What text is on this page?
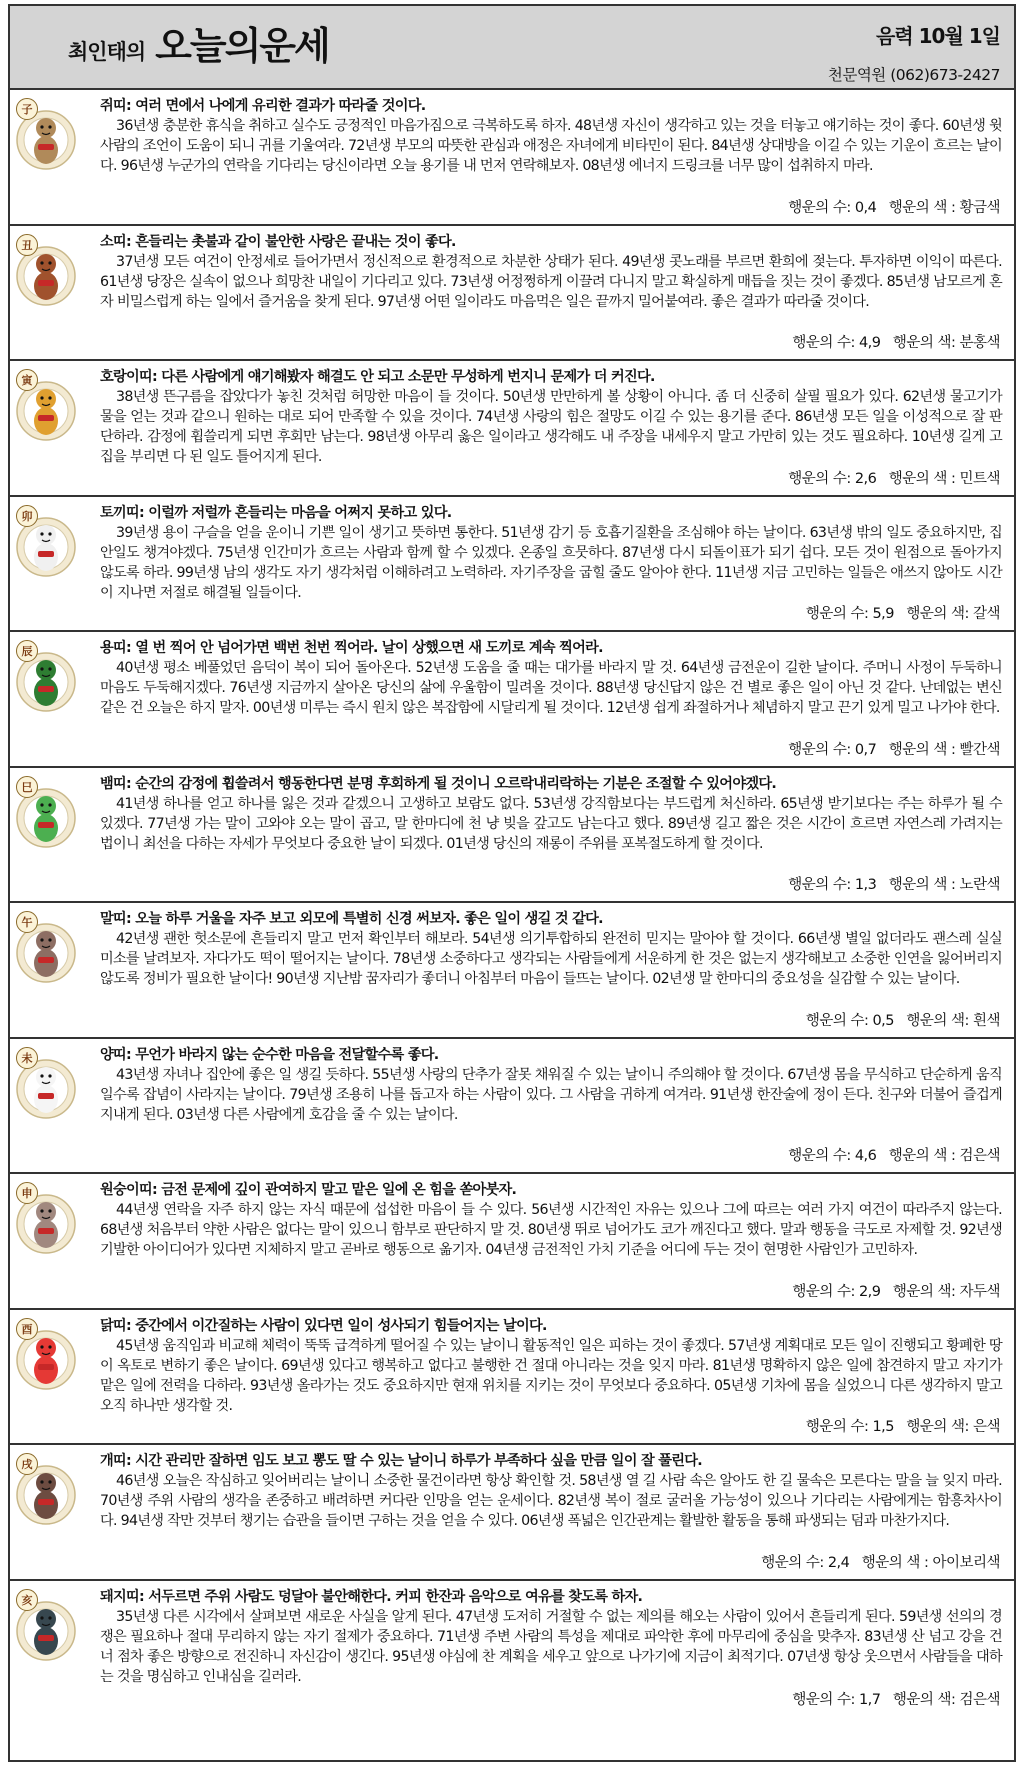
최인태의 오늘의운세	음력 10월 1일
천문역원 (062)673-2427
子	쥐띠: 여러 면에서 나에게 유리한 결과가 따라줄 것이다.
36년생 충분한 휴식을 취하고 실수도 긍정적인 마음가짐으로 극복하도록 하자. 48년생 자신이 생각하고 있는 것을 터놓고 얘기하는 것이 좋다. 60년생 윗사람의 조언이 도움이 되니 귀를 기울여라. 72년생 부모의 따뜻한 관심과 애정은 자녀에게 비타민이 된다. 84년생 상대방을 이길 수 있는 기운이 흐르는 날이다. 96년생 누군가의 연락을 기다리는 당신이라면 오늘 용기를 내 먼저 연락해보자. 08년생 에너지 드링크를 너무 많이 섭취하지 마라.
행운의 수: 0,4 행운의 색 : 황금색
丑	소띠: 흔들리는 촛불과 같이 불안한 사랑은 끝내는 것이 좋다.
37년생 모든 여건이 안정세로 들어가면서 정신적으로 환경적으로 차분한 상태가 된다. 49년생 콧노래를 부르면 환희에 젖는다. 투자하면 이익이 따른다. 61년생 당장은 실속이 없으나 희망찬 내일이 기다리고 있다. 73년생 어정쩡하게 이끌려 다니지 말고 확실하게 매듭을 짓는 것이 좋겠다. 85년생 남모르게 혼자 비밀스럽게 하는 일에서 즐거움을 찾게 된다. 97년생 어떤 일이라도 마음먹은 일은 끝까지 밀어붙여라. 좋은 결과가 따라줄 것이다.
행운의 수: 4,9 행운의 색: 분홍색
寅	호랑이띠: 다른 사람에게 얘기해봤자 해결도 안 되고 소문만 무성하게 번지니 문제가 더 커진다.
38년생 뜬구름을 잡았다가 놓친 것처럼 허망한 마음이 들 것이다. 50년생 만만하게 볼 상황이 아니다. 좀 더 신중히 살필 필요가 있다. 62년생 물고기가 물을 얻는 것과 같으니 원하는 대로 되어 만족할 수 있을 것이다. 74년생 사랑의 힘은 절망도 이길 수 있는 용기를 준다. 86년생 모든 일을 이성적으로 잘 판단하라. 감정에 휩쓸리게 되면 후회만 남는다. 98년생 아무리 옳은 일이라고 생각해도 내 주장을 내세우지 말고 가만히 있는 것도 필요하다. 10년생 길게 고집을 부리면 다 된 일도 틀어지게 된다.
행운의 수: 2,6 행운의 색 : 민트색
卯	토끼띠: 이럴까 저럴까 흔들리는 마음을 어쩌지 못하고 있다.
39년생 용이 구슬을 얻을 운이니 기쁜 일이 생기고 뜻하면 통한다. 51년생 감기 등 호흡기질환을 조심해야 하는 날이다. 63년생 밖의 일도 중요하지만, 집안일도 챙겨야겠다. 75년생 인간미가 흐르는 사람과 함께 할 수 있겠다. 온종일 흐뭇하다. 87년생 다시 되돌이표가 되기 쉽다. 모든 것이 원점으로 돌아가지 않도록 하라. 99년생 남의 생각도 자기 생각처럼 이해하려고 노력하라. 자기주장을 굽힐 줄도 알아야 한다. 11년생 지금 고민하는 일들은 애쓰지 않아도 시간이 지나면 저절로 해결될 일들이다.
행운의 수: 5,9 행운의 색: 갈색
辰	용띠: 열 번 찍어 안 넘어가면 백번 천번 찍어라. 날이 상했으면 새 도끼로 계속 찍어라.
40년생 평소 베풀었던 음덕이 복이 되어 돌아온다. 52년생 도움을 줄 때는 대가를 바라지 말 것. 64년생 금전운이 길한 날이다. 주머니 사정이 두둑하니 마음도 두둑해지겠다. 76년생 지금까지 살아온 당신의 삶에 우울함이 밀려올 것이다. 88년생 당신답지 않은 건 별로 좋은 일이 아닌 것 같다. 난데없는 변신 같은 건 오늘은 하지 말자. 00년생 미루는 즉시 원치 않은 복잡함에 시달리게 될 것이다. 12년생 쉽게 좌절하거나 체념하지 말고 끈기 있게 밀고 나가야 한다.
행운의 수: 0,7 행운의 색 : 빨간색
巳	뱀띠: 순간의 감정에 휩쓸려서 행동한다면 분명 후회하게 될 것이니 오르락내리락하는 기분은 조절할 수 있어야겠다.
41년생 하나를 얻고 하나를 잃은 것과 같겠으니 고생하고 보람도 없다. 53년생 강직함보다는 부드럽게 처신하라. 65년생 받기보다는 주는 하루가 될 수 있겠다. 77년생 가는 말이 고와야 오는 말이 곱고, 말 한마디에 천 냥 빚을 갚고도 남는다고 했다. 89년생 길고 짧은 것은 시간이 흐르면 자연스레 가려지는 법이니 최선을 다하는 자세가 무엇보다 중요한 날이 되겠다. 01년생 당신의 재롱이 주위를 포복절도하게 할 것이다.
행운의 수: 1,3 행운의 색 : 노란색
午	말띠: 오늘 하루 거울을 자주 보고 외모에 특별히 신경 써보자. 좋은 일이 생길 것 같다.
42년생 괜한 헛소문에 흔들리지 말고 먼저 확인부터 해보라. 54년생 의기투합하되 완전히 믿지는 말아야 할 것이다. 66년생 별일 없더라도 괜스레 실실 미소를 날려보자. 자다가도 떡이 떨어지는 날이다. 78년생 소중하다고 생각되는 사람들에게 서운하게 한 것은 없는지 생각해보고 소중한 인연을 잃어버리지 않도록 정비가 필요한 날이다! 90년생 지난밤 꿈자리가 좋더니 아침부터 마음이 들뜨는 날이다. 02년생 말 한마디의 중요성을 실감할 수 있는 날이다.
행운의 수: 0,5 행운의 색: 흰색
未	양띠: 무언가 바라지 않는 순수한 마음을 전달할수록 좋다.
43년생 자녀나 집안에 좋은 일 생길 듯하다. 55년생 사랑의 단추가 잘못 채워질 수 있는 날이니 주의해야 할 것이다. 67년생 몸을 무식하고 단순하게 움직일수록 잡념이 사라지는 날이다. 79년생 조용히 나를 돕고자 하는 사람이 있다. 그 사람을 귀하게 여겨라. 91년생 한잔술에 정이 든다. 친구와 더불어 즐겁게 지내게 된다. 03년생 다른 사람에게 호감을 줄 수 있는 날이다.
행운의 수: 4,6 행운의 색 : 검은색
申	원숭이띠: 금전 문제에 깊이 관여하지 말고 맡은 일에 온 힘을 쏟아붓자.
44년생 연락을 자주 하지 않는 자식 때문에 섭섭한 마음이 들 수 있다. 56년생 시간적인 자유는 있으나 그에 따르는 여러 가지 여건이 따라주지 않는다. 68년생 처음부터 약한 사람은 없다는 말이 있으니 함부로 판단하지 말 것. 80년생 뛰로 넘어가도 코가 깨진다고 했다. 말과 행동을 극도로 자제할 것. 92년생 기발한 아이디어가 있다면 지체하지 말고 곧바로 행동으로 옮기자. 04년생 금전적인 가치 기준을 어디에 두는 것이 현명한 사람인가 고민하자.
행운의 수: 2,9 행운의 색: 자두색
酉	닭띠: 중간에서 이간질하는 사람이 있다면 일이 성사되기 힘들어지는 날이다.
45년생 움직임과 비교해 체력이 뚝뚝 급격하게 떨어질 수 있는 날이니 활동적인 일은 피하는 것이 좋겠다. 57년생 계획대로 모든 일이 진행되고 황폐한 땅이 옥토로 변하기 좋은 날이다. 69년생 있다고 행복하고 없다고 불행한 건 절대 아니라는 것을 잊지 마라. 81년생 명확하지 않은 일에 참견하지 말고 자기가 맡은 일에 전력을 다하라. 93년생 올라가는 것도 중요하지만 현재 위치를 지키는 것이 무엇보다 중요하다. 05년생 기차에 몸을 실었으니 다른 생각하지 말고 오직 하나만 생각할 것.
행운의 수: 1,5 행운의 색: 은색
戌	개띠: 시간 관리만 잘하면 임도 보고 뽕도 딸 수 있는 날이니 하루가 부족하다 싶을 만큼 일이 잘 풀린다.
46년생 오늘은 작심하고 잊어버리는 날이니 소중한 물건이라면 항상 확인할 것. 58년생 열 길 사람 속은 알아도 한 길 물속은 모른다는 말을 늘 잊지 마라. 70년생 주위 사람의 생각을 존중하고 배려하면 커다란 인망을 얻는 운세이다. 82년생 복이 절로 굴러올 가능성이 있으나 기다리는 사람에게는 함흥차사이다. 94년생 작만 것부터 챙기는 습관을 들이면 구하는 것을 얻을 수 있다. 06년생 폭넓은 인간관계는 활발한 활동을 통해 파생되는 덤과 마찬가지다.
행운의 수: 2,4 행운의 색 : 아이보리색
亥	돼지띠: 서두르면 주위 사람도 덩달아 불안해한다. 커피 한잔과 음악으로 여유를 찾도록 하자.
35년생 다른 시각에서 살펴보면 새로운 사실을 알게 된다. 47년생 도저히 거절할 수 없는 제의를 해오는 사람이 있어서 흔들리게 된다. 59년생 선의의 경쟁은 필요하나 절대 무리하지 않는 자기 절제가 중요하다. 71년생 주변 사람의 특성을 제대로 파악한 후에 마무리에 중심을 맞추자. 83년생 산 넘고 강을 건너 점차 좋은 방향으로 전진하니 자신감이 생긴다. 95년생 야심에 찬 계획을 세우고 앞으로 나가기에 지금이 최적기다. 07년생 항상 웃으면서 사람들을 대하는 것을 명심하고 인내심을 길러라.
행운의 수: 1,7 행운의 색: 검은색
